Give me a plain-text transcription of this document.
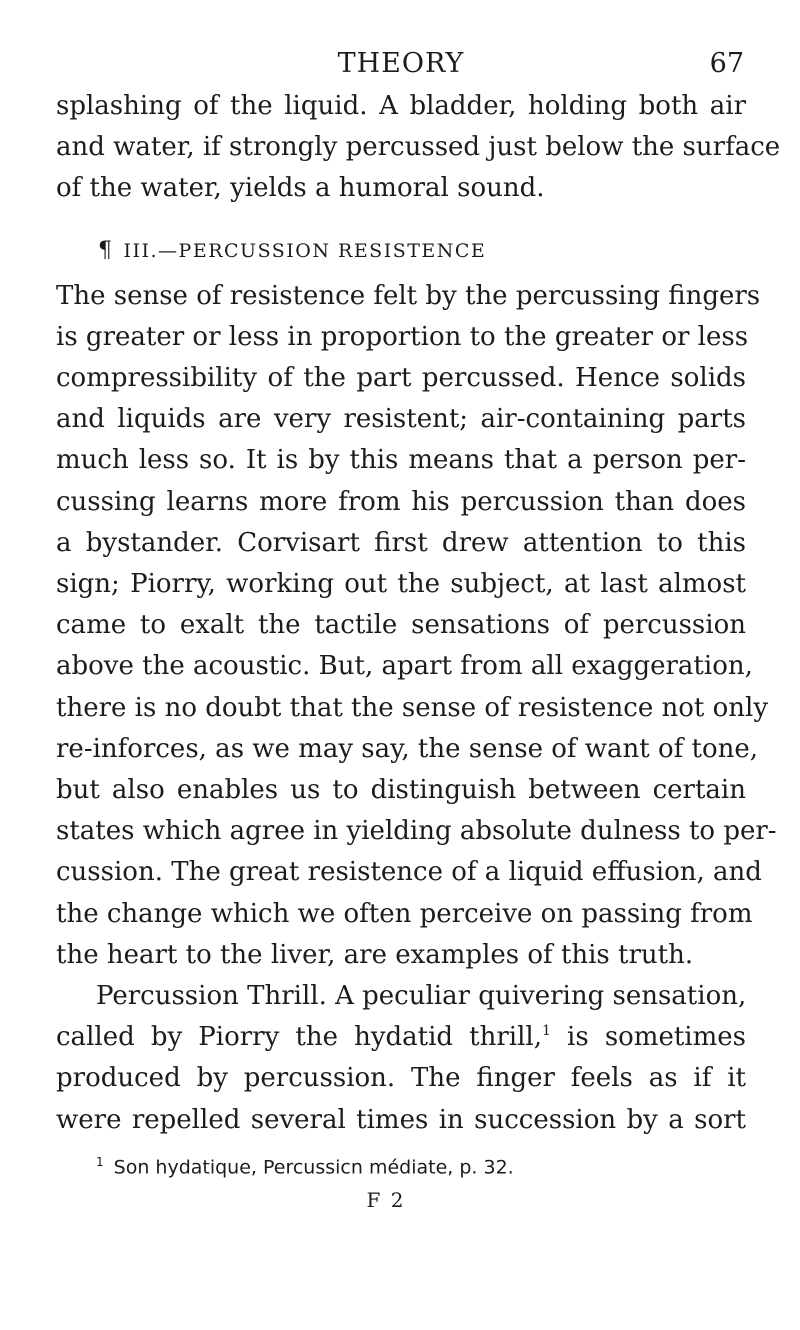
THEORY	67

splashing of the liquid. A bladder, holding both air
and water, if strongly percussed just below the surface
of the water, yields a humoral sound.

¶ III.—PERCUSSION RESISTENCE

The sense of resistence felt by the percussing fingers
is greater or less in proportion to the greater or less
compressibility of the part percussed. Hence solids
and liquids are very resistent; air-containing parts
much less so. It is by this means that a person per-
cussing learns more from his percussion than does
a bystander. Corvisart first drew attention to this
sign; Piorry, working out the subject, at last almost
came to exalt the tactile sensations of percussion
above the acoustic. But, apart from all exaggeration,
there is no doubt that the sense of resistence not only
re-inforces, as we may say, the sense of want of tone,
but also enables us to distinguish between certain
states which agree in yielding absolute dulness to per-
cussion. The great resistence of a liquid effusion, and
the change which we often perceive on passing from
the heart to the liver, are examples of this truth.

Percussion Thrill. A peculiar quivering sensation,
called by Piorry the hydatid thrill,$^1$ is sometimes
produced by percussion. The finger feels as if it
were repelled several times in succession by a sort

$^1$ Son hydatique, Percussicn médiate, p. 32.
F 2
